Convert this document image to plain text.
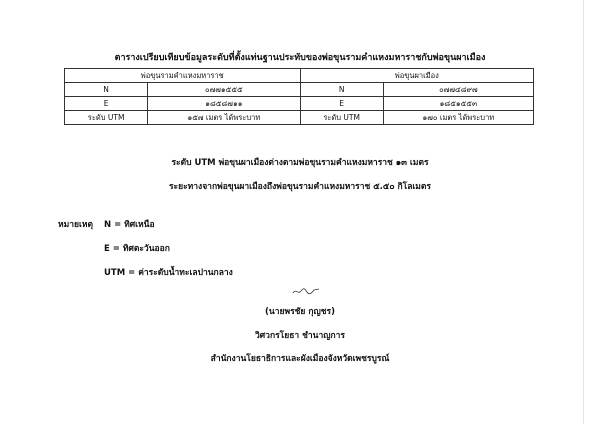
ตารางเปรียบเทียบข้อมูลระดับที่ตั้งแท่นฐานประทับของพ่อขุนรามคำแหงมหาราชกับพ่อขุนผาเมือง
พ่อขุนรามคำแหงมหาราช		พ่อขุนผาเมือง	
N	๐๗๗๑๕๕๕	N	๐๗๗๔๘๙๗
E	๑๘๕๘๗๑๑	E	๑๘๕๑๕๕๓
ระดับ UTM	๑๕๗ เมตร ได้พระบาท	ระดับ UTM	๑๗๐ เมตร ได้พระบาท
ระดับ UTM พ่อขุนผาเมืองต่างตามพ่อขุนรามคำแหงมหาราช ๑๓ เมตร
ระยะทางจากพ่อขุนผาเมืองถึงพ่อขุนรามคำแหงมหาราช ๕.๕๐ กิโลเมตร
หมายเหตุ N = ทิศเหนือ
E = ทิศตะวันออก
UTM = ค่าระดับน้ำทะเลปานกลาง
(นายพรชัย กุญชร)
วิศวกรโยธา ชำนาญการ
สำนักงานโยธาธิการและผังเมืองจังหวัดเพชรบูรณ์
